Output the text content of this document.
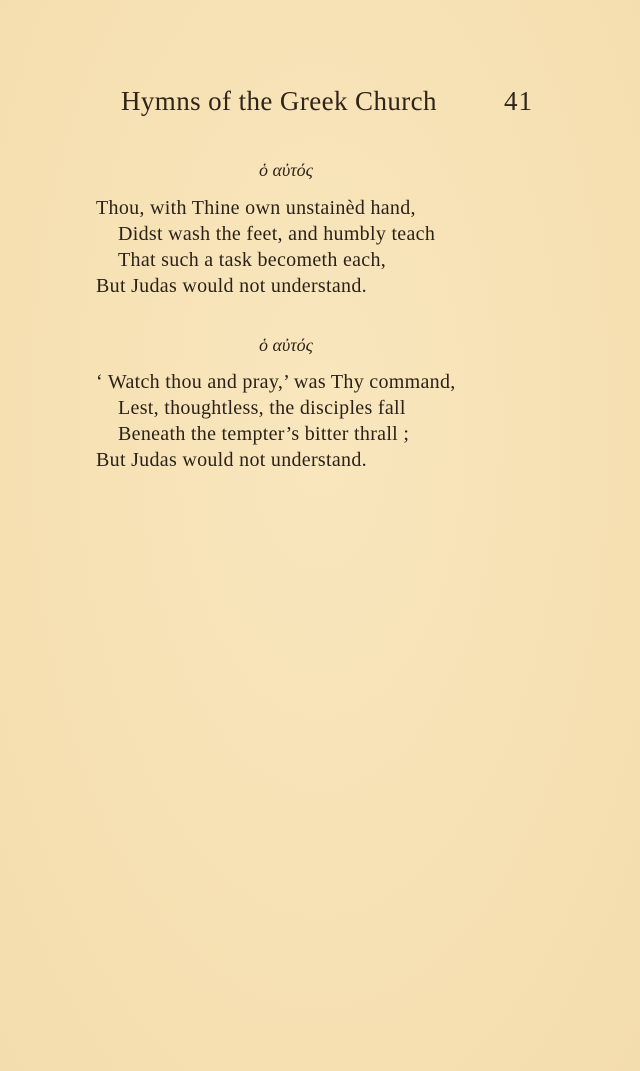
Hymns of the Greek Church 41
ὁ αὐτός
Thou, with Thine own unstainèd hand,
Didst wash the feet, and humbly teach
That such a task becometh each,
But Judas would not understand.
ὁ αὐτός
‘ Watch thou and pray,’ was Thy command,
Lest, thoughtless, the disciples fall
Beneath the tempter’s bitter thrall ;
But Judas would not understand.
